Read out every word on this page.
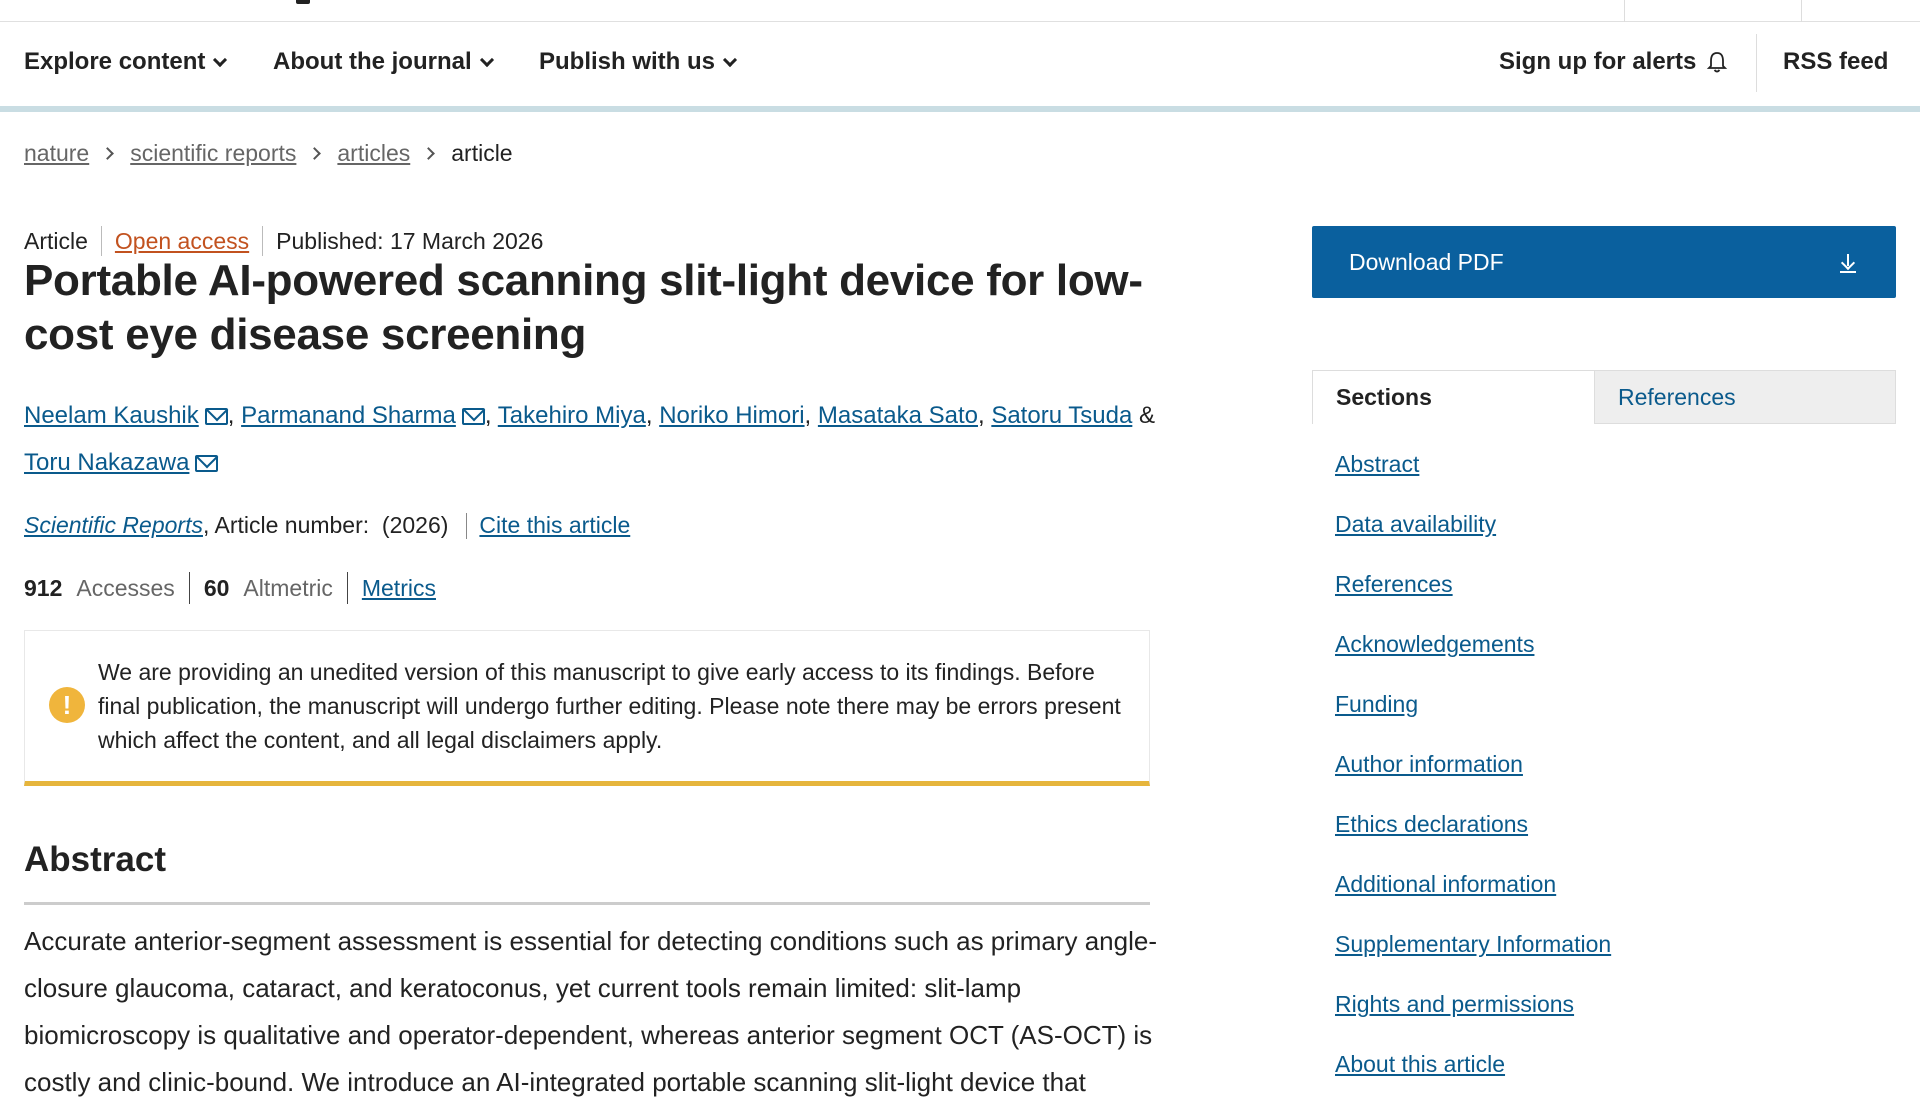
Explore content	About the journal	Publish with us	Sign up for alerts	RSS feed
nature scientific reports articles article
Article Open access Published: 17 March 2026
Portable AI-powered scanning slit-light device for low-cost eye disease screening
Neelam Kaushik , Parmanand Sharma , Takehiro Miya, Noriko Himori, Masataka Sato, Satoru Tsuda &
Toru Nakazawa
Scientific Reports , Article number:  (2026) Cite this article
912 Accesses 60 Altmetric Metrics
!

We are providing an unedited version of this manuscript to give early access to its findings. Before final publication, the manuscript will undergo further editing. Please note there may be errors present which affect the content, and all legal disclaimers apply.

Abstract

Accurate anterior-segment assessment is essential for detecting conditions such as primary angle-closure glaucoma, cataract, and keratoconus, yet current tools remain limited: slit-lamp biomicroscopy is qualitative and operator-dependent, whereas anterior segment OCT (AS-OCT) is costly and clinic-bound. We introduce an AI-integrated portable scanning slit-light device that

Download PDF
Sections	References
Abstract
Data availability
References
Acknowledgements
Funding
Author information
Ethics declarations
Additional information
Supplementary Information
Rights and permissions
About this article
